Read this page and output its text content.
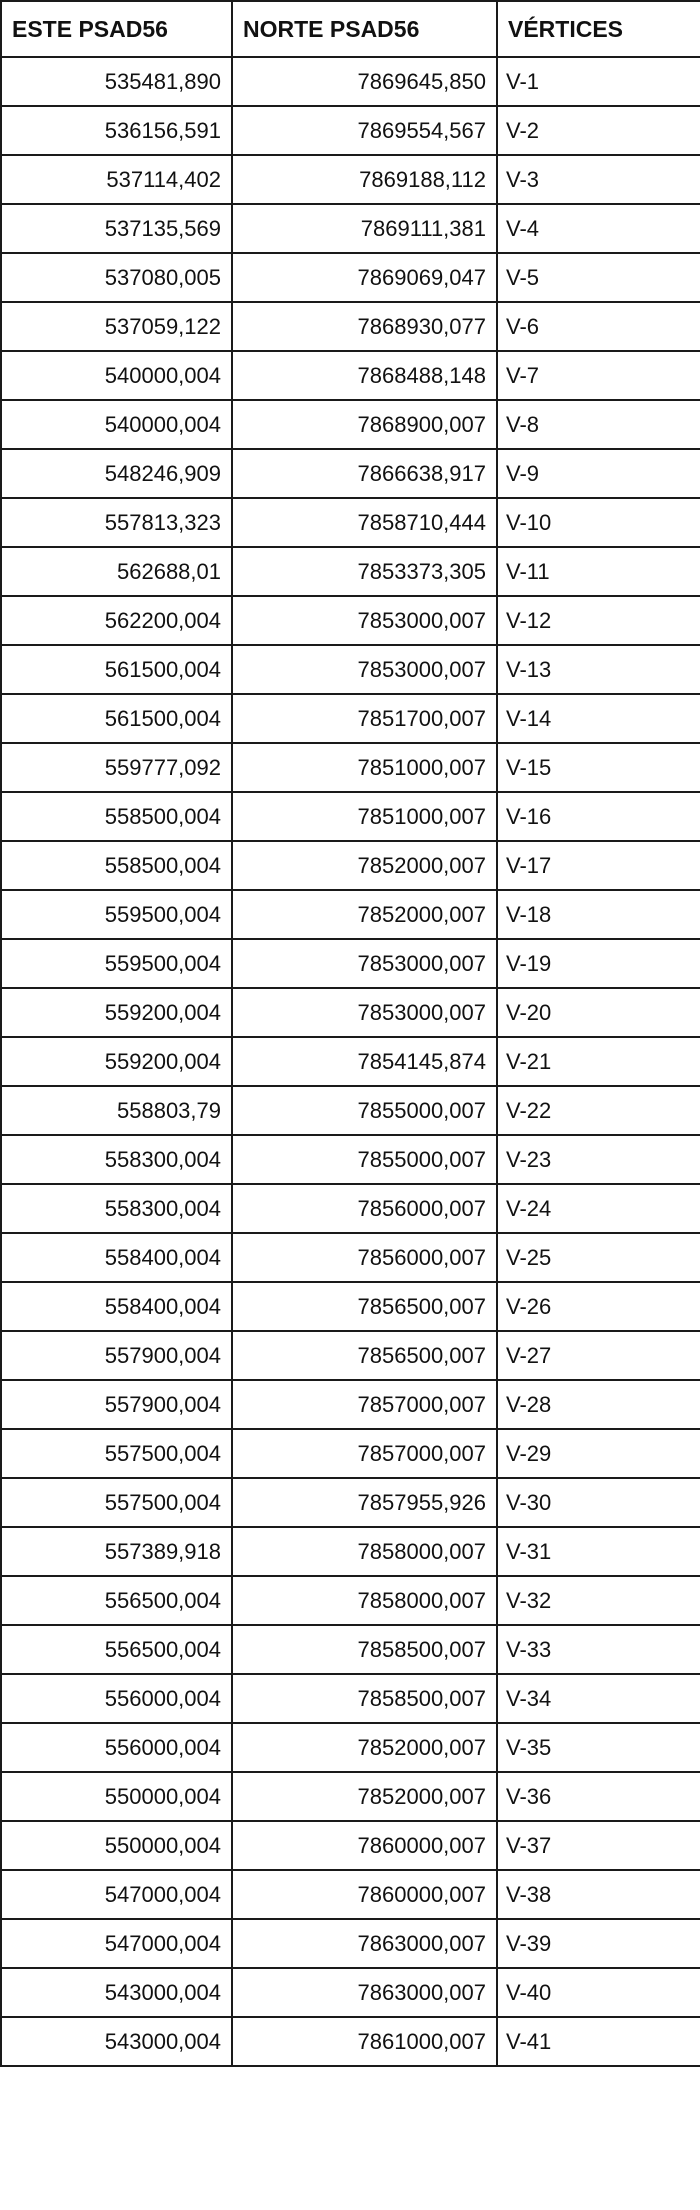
ESTE PSAD56	NORTE PSAD56	VÉRTICES
535481,890	7869645,850	V-1
536156,591	7869554,567	V-2
537114,402	7869188,112	V-3
537135,569	7869111,381	V-4
537080,005	7869069,047	V-5
537059,122	7868930,077	V-6
540000,004	7868488,148	V-7
540000,004	7868900,007	V-8
548246,909	7866638,917	V-9
557813,323	7858710,444	V-10
562688,01	7853373,305	V-11
562200,004	7853000,007	V-12
561500,004	7853000,007	V-13
561500,004	7851700,007	V-14
559777,092	7851000,007	V-15
558500,004	7851000,007	V-16
558500,004	7852000,007	V-17
559500,004	7852000,007	V-18
559500,004	7853000,007	V-19
559200,004	7853000,007	V-20
559200,004	7854145,874	V-21
558803,79	7855000,007	V-22
558300,004	7855000,007	V-23
558300,004	7856000,007	V-24
558400,004	7856000,007	V-25
558400,004	7856500,007	V-26
557900,004	7856500,007	V-27
557900,004	7857000,007	V-28
557500,004	7857000,007	V-29
557500,004	7857955,926	V-30
557389,918	7858000,007	V-31
556500,004	7858000,007	V-32
556500,004	7858500,007	V-33
556000,004	7858500,007	V-34
556000,004	7852000,007	V-35
550000,004	7852000,007	V-36
550000,004	7860000,007	V-37
547000,004	7860000,007	V-38
547000,004	7863000,007	V-39
543000,004	7863000,007	V-40
543000,004	7861000,007	V-41
